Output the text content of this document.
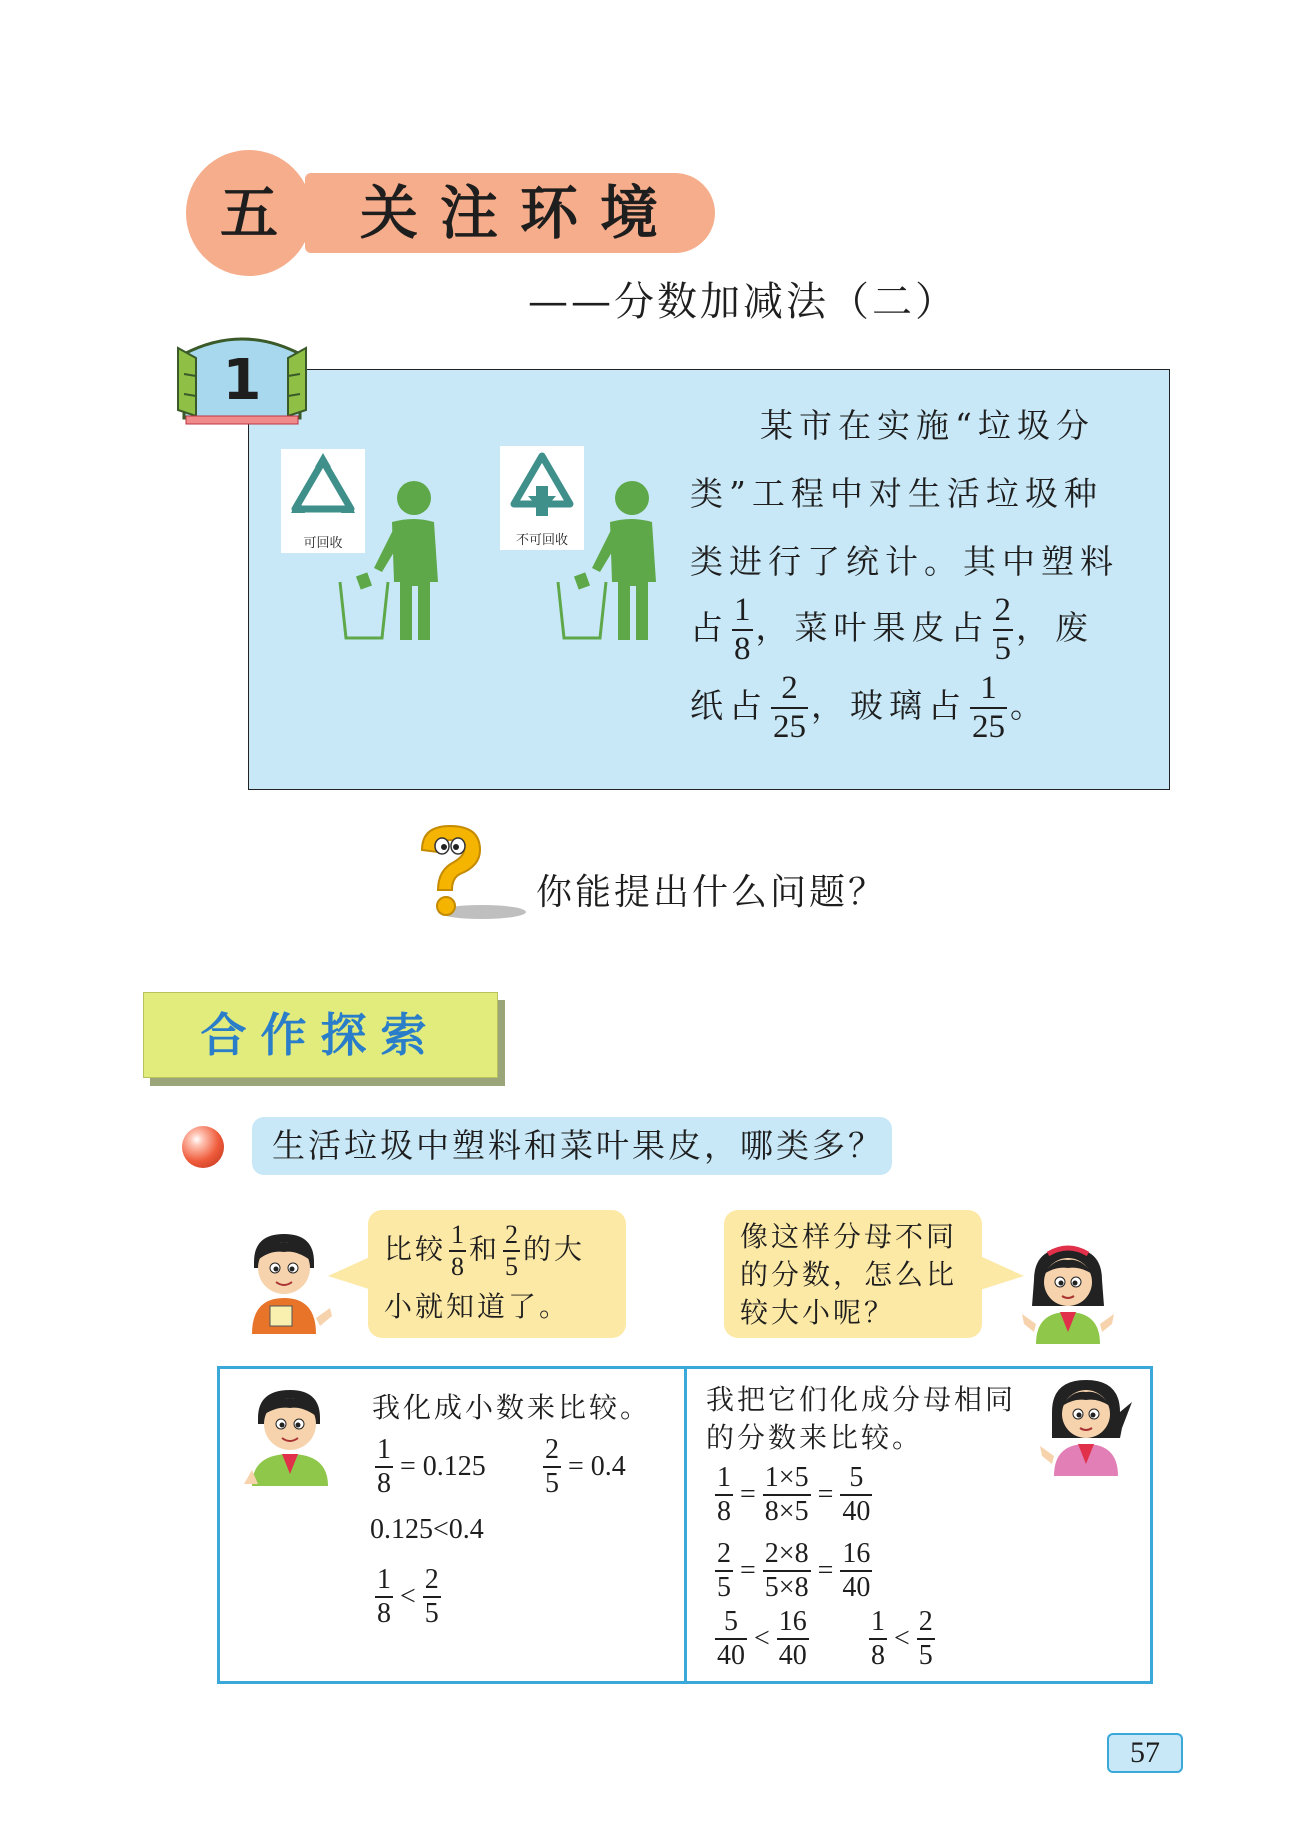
五	关注环境
——分数加减法（二）
1
可回收	不可回收
某市在实施“垃圾分
类”工程中对生活垃圾种
类进行了统计。其中塑料
占 $\frac{1}{8}$ ，菜叶果皮占 $\frac{2}{5}$ ，废
纸占 $\frac{2}{25}$ ，玻璃占 $\frac{1}{25}$ 。
你能提出什么问题？
合作探索
生活垃圾中塑料和菜叶果皮，哪类多？
比较 $\frac{1}{8}$ 和 $\frac{2}{5}$ 的大
小就知道了。
像这样分母不同
的分数，怎么比
较大小呢？
我化成小数来比较。
$\frac{1}{8} = 0.125 \frac{2}{5} = 0.4$
0.125<0.4
$\frac{1}{8} < \frac{2}{5}$
我把它们化成分母相同
的分数来比较。
$\frac{1}{8} = \frac{1\times 5}{8\times 5} = \frac{5}{40}$
$\frac{2}{5} = \frac{2\times 8}{5\times 8} = \frac{16}{40}$
$\frac{5}{40} < \frac{16}{40} \frac{1}{8} < \frac{2}{5}$
57
